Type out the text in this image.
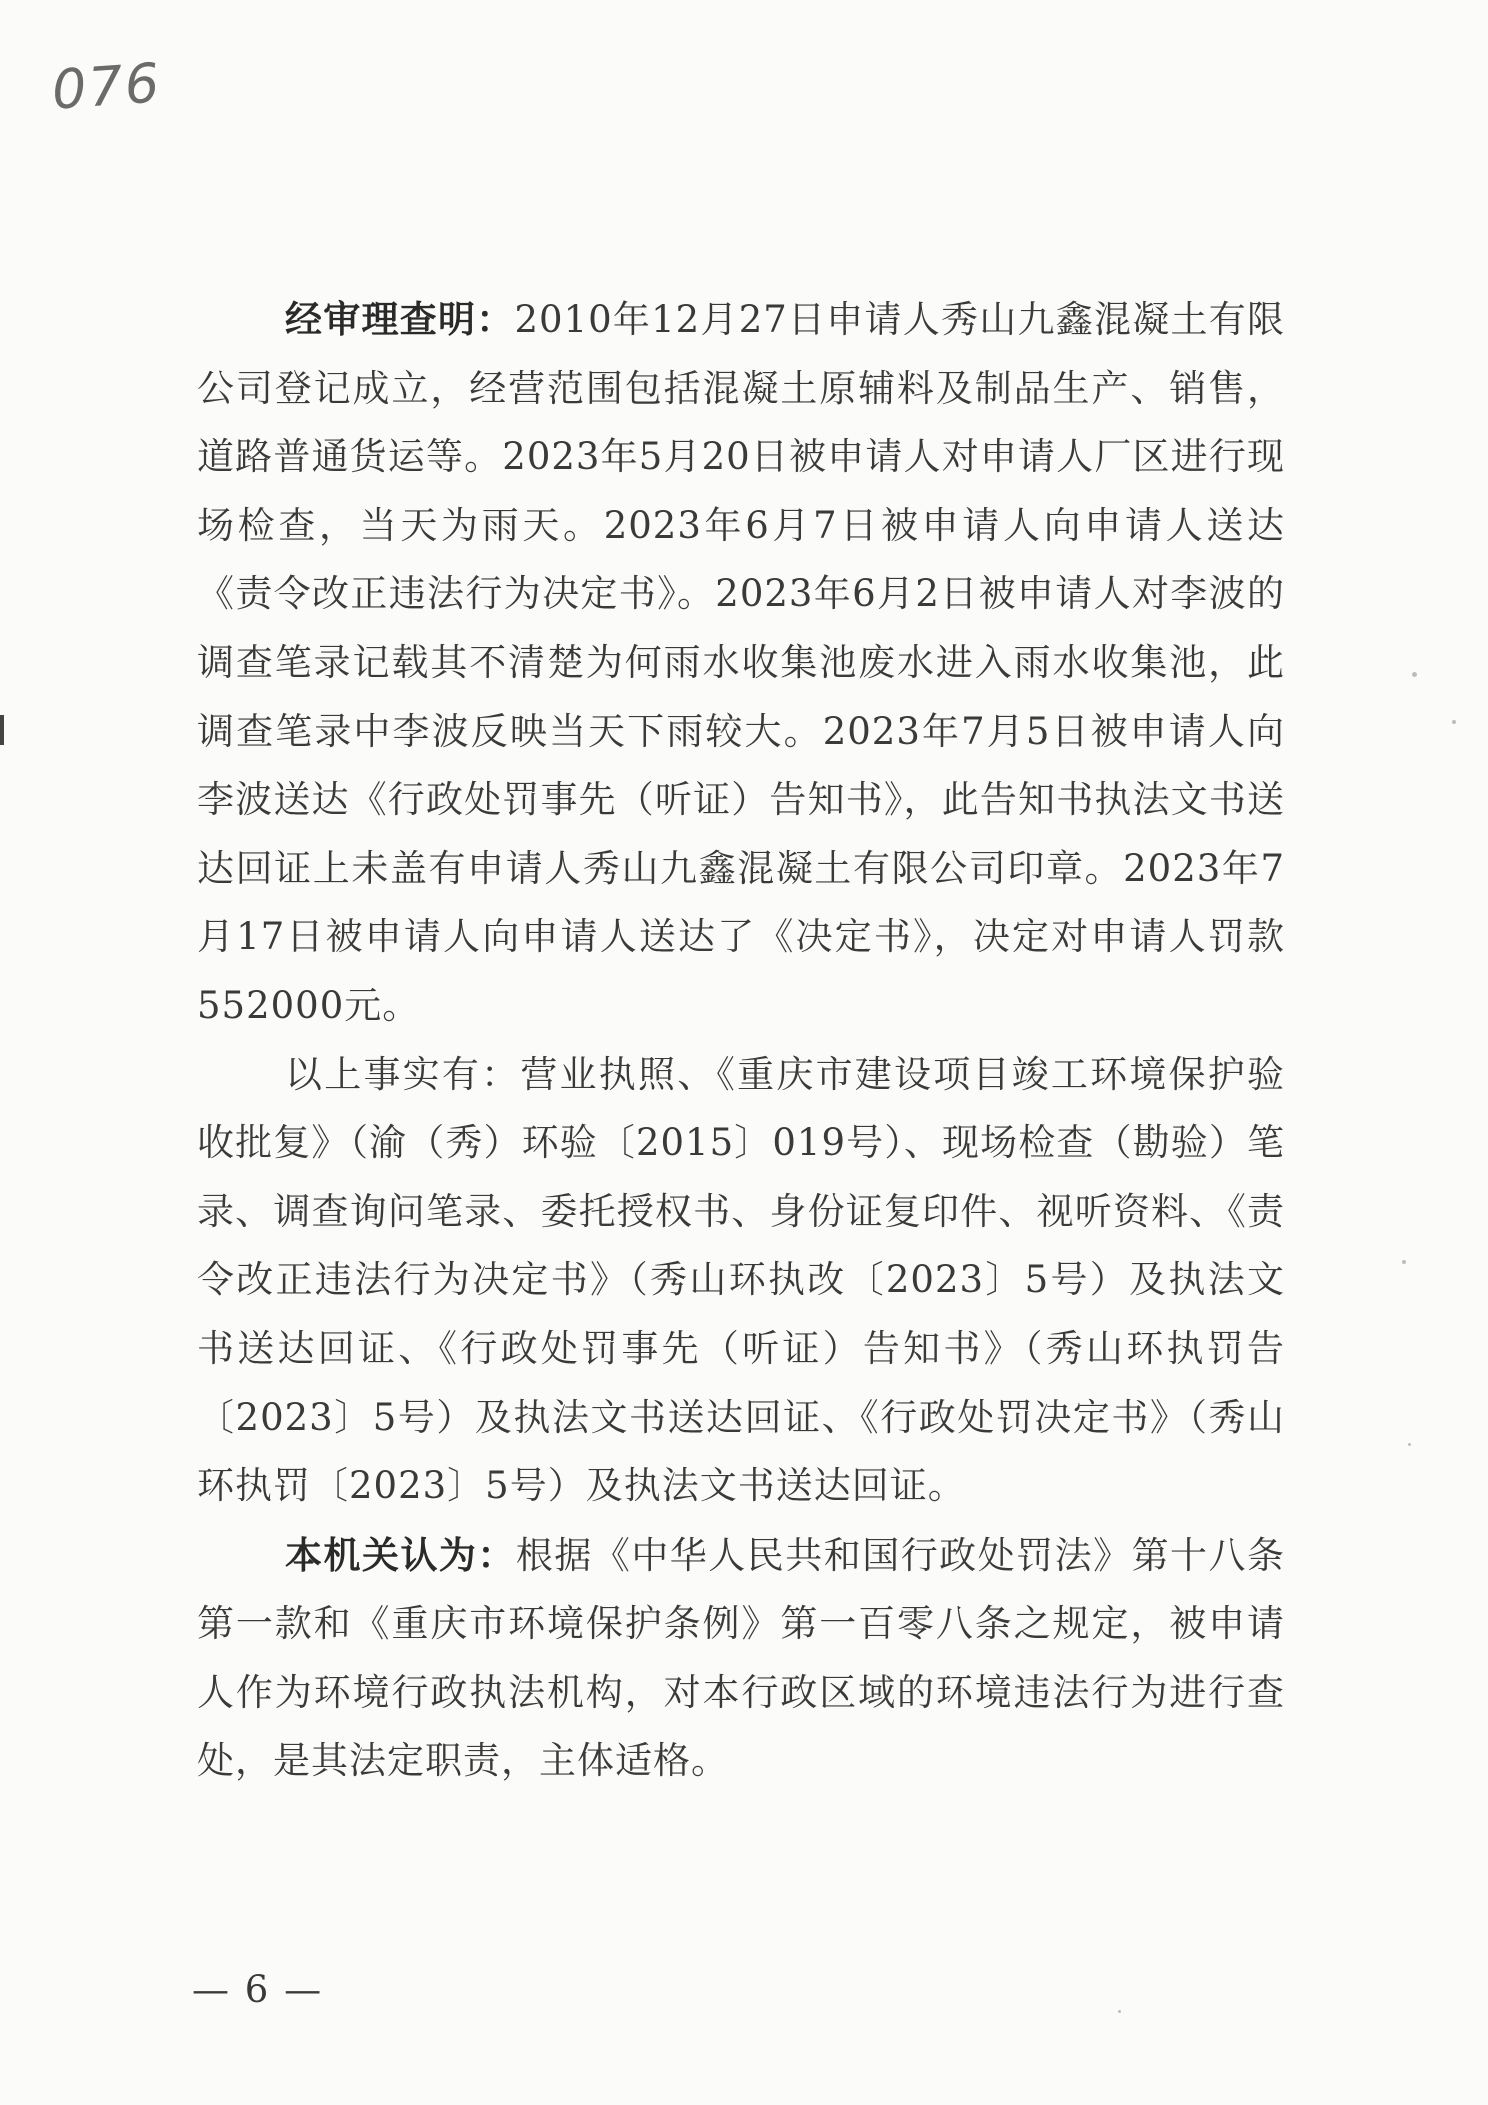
076

经审理查明：2010年12月27日申请人秀山九鑫混凝土有限公司登记成立，经营范围包括混凝土原辅料及制品生产、销售，道路普通货运等。2023年5月20日被申请人对申请人厂区进行现场检查，当天为雨天。2023年6月7日被申请人向申请人送达《责令改正违法行为决定书》。2023年6月2日被申请人对李波的调查笔录记载其不清楚为何雨水收集池废水进入雨水收集池，此调查笔录中李波反映当天下雨较大。2023年7月5日被申请人向李波送达《行政处罚事先（听证）告知书》，此告知书执法文书送达回证上未盖有申请人秀山九鑫混凝土有限公司印章。2023年7月17日被申请人向申请人送达了《决定书》，决定对申请人罚款552000元。

以上事实有：营业执照、《重庆市建设项目竣工环境保护验收批复》（渝（秀）环验〔2015〕019号）、现场检查（勘验）笔录、调查询问笔录、委托授权书、身份证复印件、视听资料、《责令改正违法行为决定书》（秀山环执改〔2023〕5号）及执法文书送达回证、《行政处罚事先（听证）告知书》（秀山环执罚告〔2023〕5号）及执法文书送达回证、《行政处罚决定书》（秀山环执罚〔2023〕5号）及执法文书送达回证。

本机关认为：根据《中华人民共和国行政处罚法》第十八条第一款和《重庆市环境保护条例》第一百零八条之规定，被申请人作为环境行政执法机构，对本行政区域的环境违法行为进行查处，是其法定职责，主体适格。

— 6 —
